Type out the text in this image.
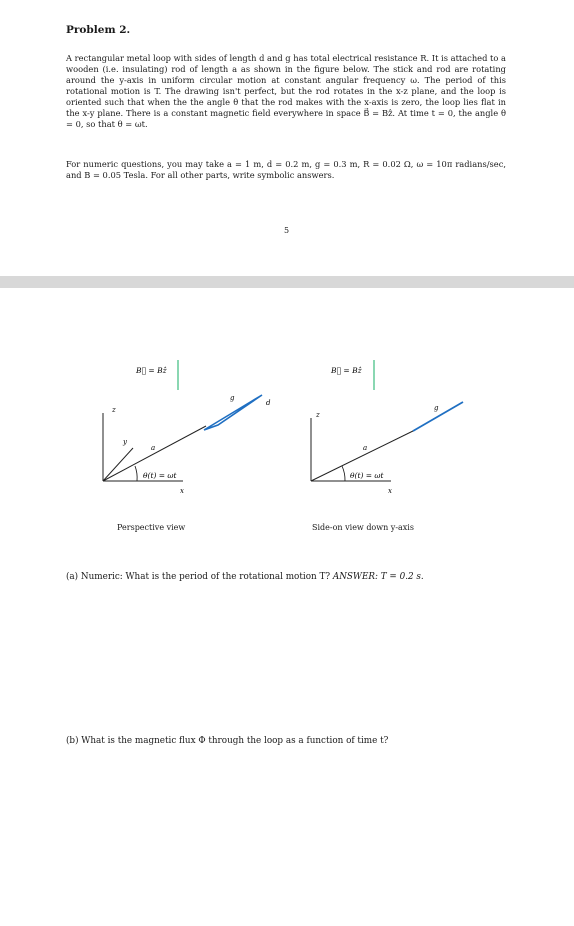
Problem 2.
A rectangular metal loop with sides of length d and g has total electrical resistance R. It is attached to a wooden (i.e. insulating) rod of length a as shown in the figure below. The stick and rod are rotating around the y-axis in uniform circular motion at constant angular frequency ω. The period of this rotational motion is T. The drawing isn't perfect, but the rod rotates in the x-z plane, and the loop is oriented such that when the the angle θ that the rod makes with the x-axis is zero, the loop lies flat in the x-y plane. There is a constant magnetic field everywhere in space B⃗ = Bẑ. At time t = 0, the angle θ = 0, so that θ = ωt.
For numeric questions, you may take a = 1 m, d = 0.2 m, g = 0.3 m, R = 0.02 Ω, ω = 10π radians/sec, and B = 0.05 Tesla. For all other parts, write symbolic answers.
5
B⃗ = Bẑ
z
x
y
a
θ(t) = ωt
g
d
B⃗ = Bẑ
z
x
a
θ(t) = ωt
g
Perspective view	Side-on view down y-axis
(a) Numeric: What is the period of the rotational motion T? ANSWER: T = 0.2 s.
(b) What is the magnetic flux Φ through the loop as a function of time t?
